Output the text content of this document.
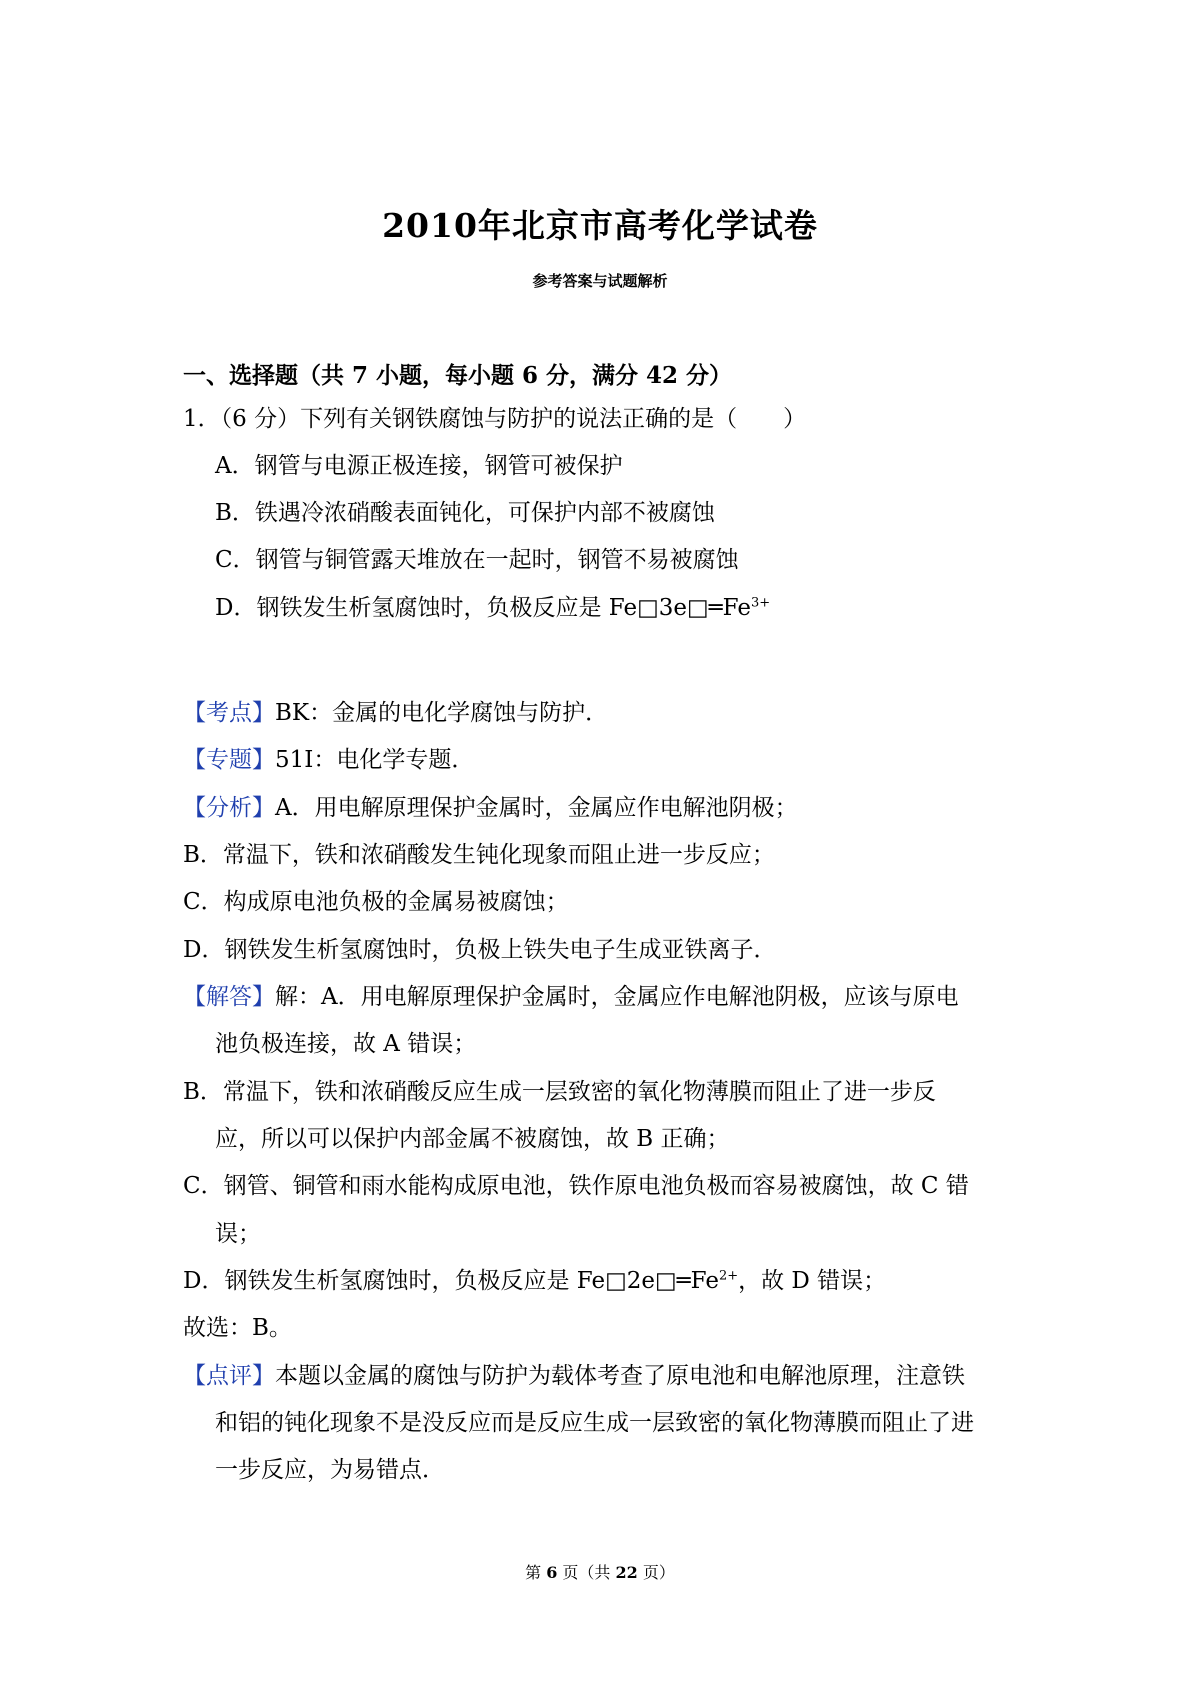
2010年北京市高考化学试卷
参考答案与试题解析
一、选择题（共 7 小题，每小题 6 分，满分 42 分）
1．（6 分）下列有关钢铁腐蚀与防护的说法正确的是（　　）
A．钢管与电源正极连接，钢管可被保护
B．铁遇冷浓硝酸表面钝化，可保护内部不被腐蚀
C．钢管与铜管露天堆放在一起时，钢管不易被腐蚀
D．钢铁发生析氢腐蚀时，负极反应是 $Fe□3e□═Fe^{3+}$
【考点】BK：金属的电化学腐蚀与防护．
【专题】51I：电化学专题．
【分析】A．用电解原理保护金属时，金属应作电解池阴极；
B．常温下，铁和浓硝酸发生钝化现象而阻止进一步反应；
C．构成原电池负极的金属易被腐蚀；
D．钢铁发生析氢腐蚀时，负极上铁失电子生成亚铁离子．
【解答】解：A．用电解原理保护金属时，金属应作电解池阴极，应该与原电
池负极连接，故 A 错误；
B．常温下，铁和浓硝酸反应生成一层致密的氧化物薄膜而阻止了进一步反
应，所以可以保护内部金属不被腐蚀，故 B 正确；
C．钢管、铜管和雨水能构成原电池，铁作原电池负极而容易被腐蚀，故 C 错
误；
D．钢铁发生析氢腐蚀时，负极反应是 $Fe□2e□═Fe^{2+}$，故 D 错误；
故选：B。
【点评】本题以金属的腐蚀与防护为载体考查了原电池和电解池原理，注意铁
和铝的钝化现象不是没反应而是反应生成一层致密的氧化物薄膜而阻止了进
一步反应，为易错点．
第 6 页（共 22 页）
